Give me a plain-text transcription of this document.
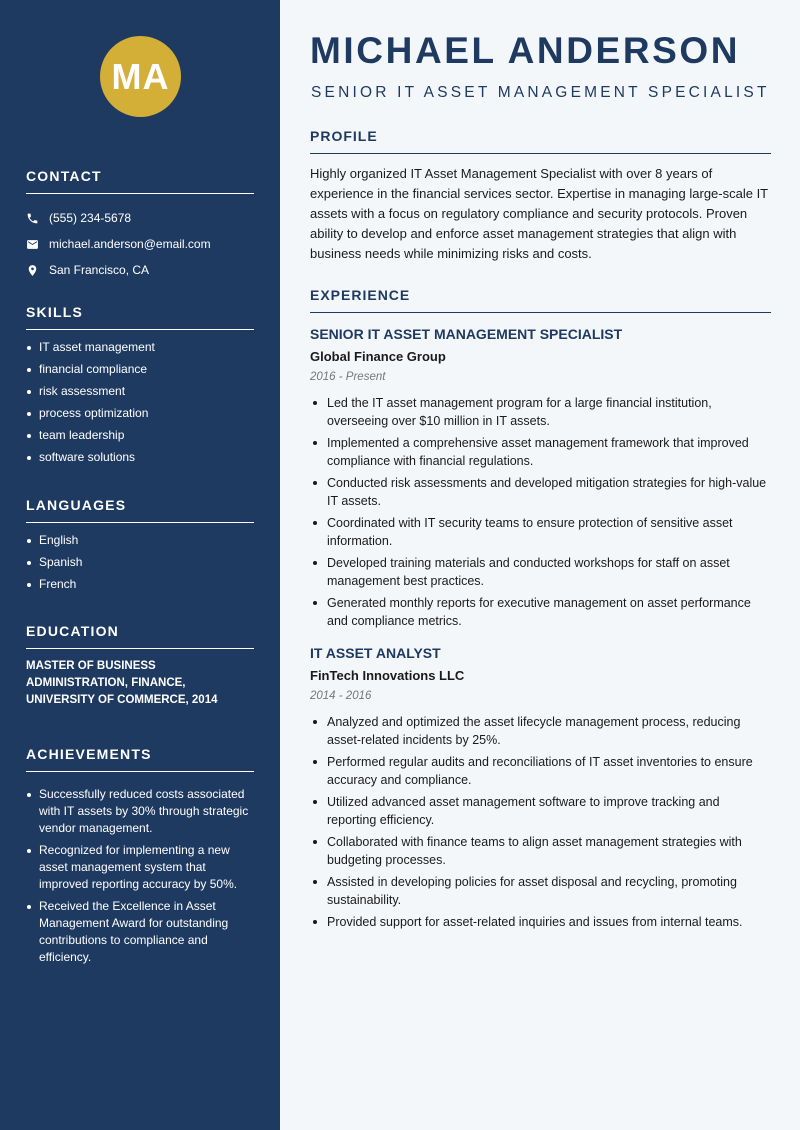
MA
CONTACT
(555) 234-5678
michael.anderson@email.com
San Francisco, CA
SKILLS
IT asset management
financial compliance
risk assessment
process optimization
team leadership
software solutions
LANGUAGES
English
Spanish
French
EDUCATION
MASTER OF BUSINESS ADMINISTRATION, FINANCE, UNIVERSITY OF COMMERCE, 2014
ACHIEVEMENTS
Successfully reduced costs associated with IT assets by 30% through strategic vendor management.
Recognized for implementing a new asset management system that improved reporting accuracy by 50%.
Received the Excellence in Asset Management Award for outstanding contributions to compliance and efficiency.
MICHAEL ANDERSON
SENIOR IT ASSET MANAGEMENT SPECIALIST
PROFILE

Highly organized IT Asset Management Specialist with over 8 years of experience in the financial services sector. Expertise in managing large-scale IT assets with a focus on regulatory compliance and security protocols. Proven ability to develop and enforce asset management strategies that align with business needs while minimizing risks and costs.

EXPERIENCE
SENIOR IT ASSET MANAGEMENT SPECIALIST
Global Finance Group
2016 - Present
Led the IT asset management program for a large financial institution, overseeing over $10 million in IT assets.
Implemented a comprehensive asset management framework that improved compliance with financial regulations.
Conducted risk assessments and developed mitigation strategies for high-value IT assets.
Coordinated with IT security teams to ensure protection of sensitive asset information.
Developed training materials and conducted workshops for staff on asset management best practices.
Generated monthly reports for executive management on asset performance and compliance metrics.
IT ASSET ANALYST
FinTech Innovations LLC
2014 - 2016
Analyzed and optimized the asset lifecycle management process, reducing asset-related incidents by 25%.
Performed regular audits and reconciliations of IT asset inventories to ensure accuracy and compliance.
Utilized advanced asset management software to improve tracking and reporting efficiency.
Collaborated with finance teams to align asset management strategies with budgeting processes.
Assisted in developing policies for asset disposal and recycling, promoting sustainability.
Provided support for asset-related inquiries and issues from internal teams.
